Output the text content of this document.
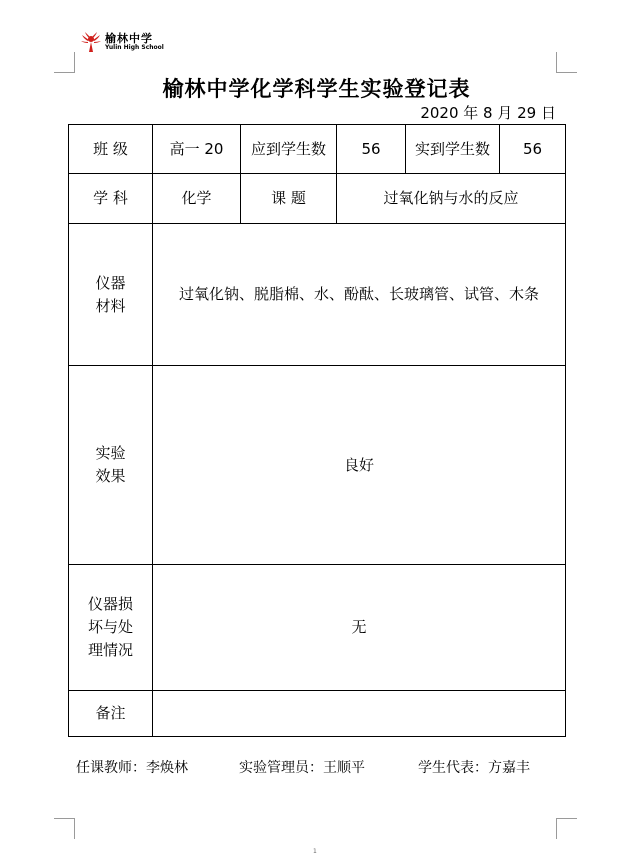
榆林中学
Yulin High School
榆林中学化学科学生实验登记表
2020 年 8 月 29 日
班 级	高一 20	应到学生数	56	实到学生数	56
学 科	化学	课 题	过氧化钠与水的反应		

仪器
材料	过氧化钠、脱脂棉、水、酚酞、长玻璃管、试管、木条				

实验
效果	良好				

仪器损
坏与处
理情况	无				
备注					
任课教师：李焕林	实验管理员：王顺平	学生代表：方嘉丰
1
